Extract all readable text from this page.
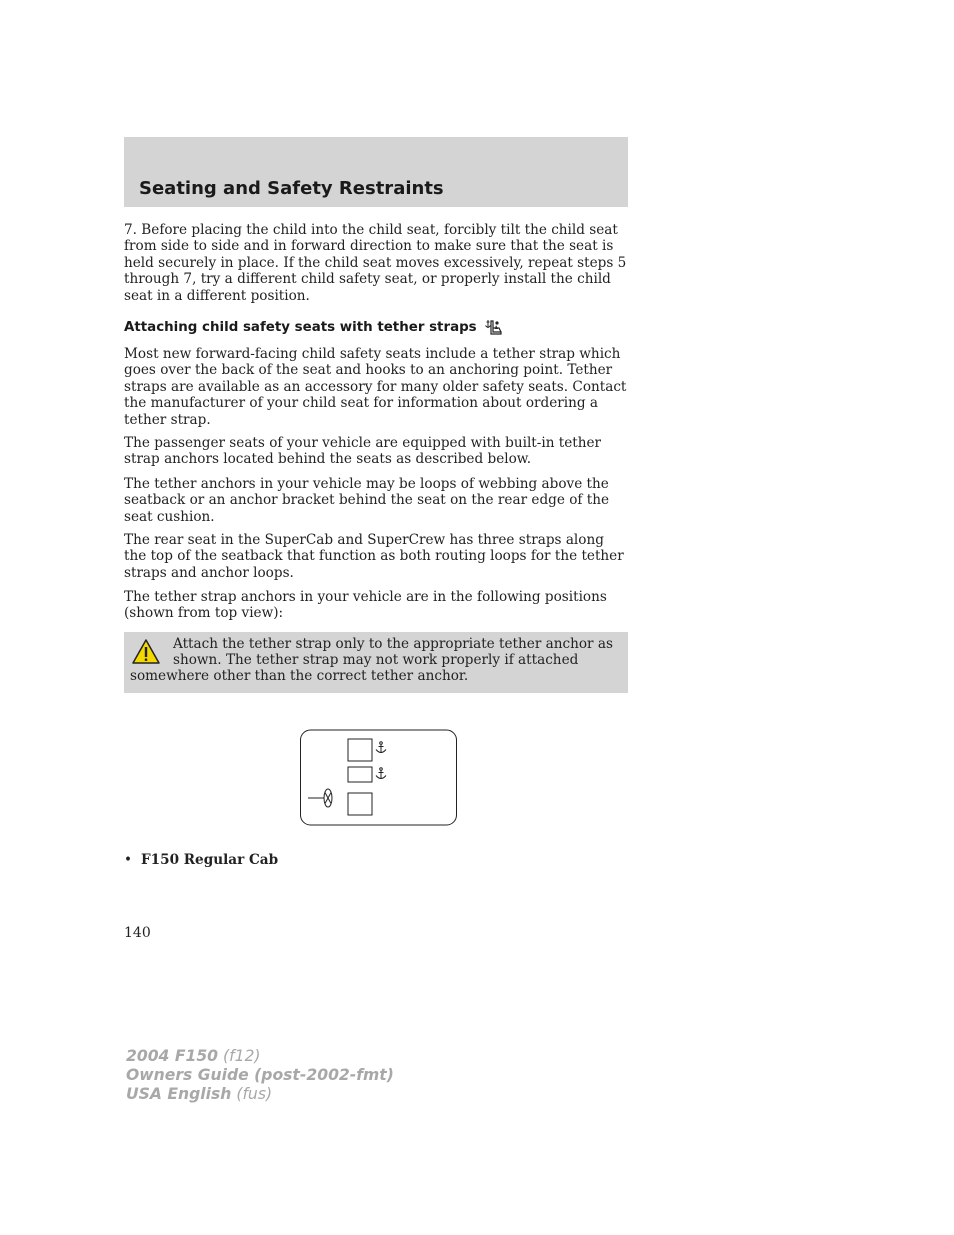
Seating and Safety Restraints

7. Before placing the child into the child seat, forcibly tilt the child seat from side to side and in forward direction to make sure that the seat is held securely in place. If the child seat moves excessively, repeat steps 5 through 7, try a different child safety seat, or properly install the child seat in a different position.

Attaching child safety seats with tether straps

Most new forward-facing child safety seats include a tether strap which goes over the back of the seat and hooks to an anchoring point. Tether straps are available as an accessory for many older safety seats. Contact the manufacturer of your child seat for information about ordering a tether strap.

The passenger seats of your vehicle are equipped with built-in tether strap anchors located behind the seats as described below.

The tether anchors in your vehicle may be loops of webbing above the seatback or an anchor bracket behind the seat on the rear edge of the seat cushion.

The rear seat in the SuperCab and SuperCrew has three straps along the top of the seatback that function as both routing loops for the tether straps and anchor loops.

The tether strap anchors in your vehicle are in the following positions (shown from top view):

Attach the tether strap only to the appropriate tether anchor as shown. The tether strap may not work properly if attached somewhere other than the correct tether anchor.

• F150 Regular Cab
140
2004 F150 (f12)
Owners Guide (post-2002-fmt)
USA English (fus)
